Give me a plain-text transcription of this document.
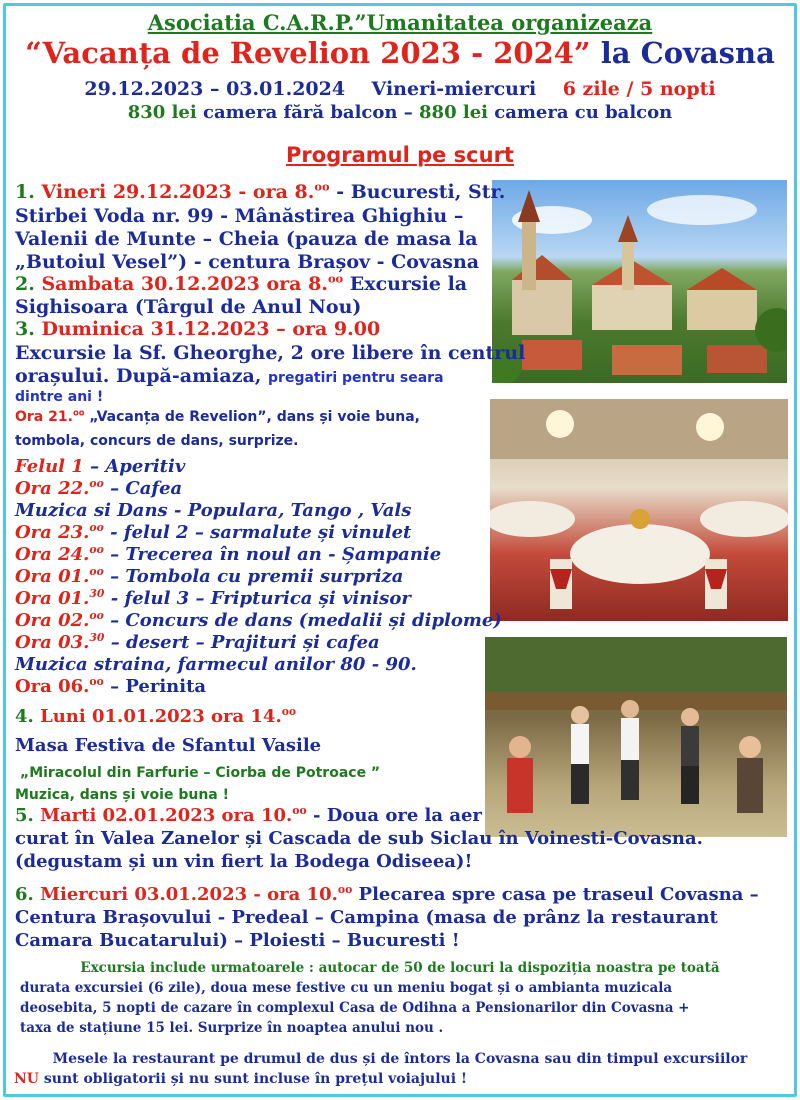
Asociatia C.A.R.P.”Umanitatea organizeaza
“Vacanța de Revelion 2023 - 2024” la Covasna
29.12.2023 – 03.01.2024 Vineri-miercuri 6 zile / 5 nopti
830 lei camera fără balcon – 880 lei camera cu balcon
Programul pe scurt
1. Vineri 29.12.2023 - ora 8.$^{oo}$ - Bucuresti, Str.
Stirbei Voda nr. 99 - Mânăstirea Ghighiu –
Valenii de Munte – Cheia (pauza de masa la
„Butoiul Vesel”) - centura Brașov - Covasna
2. Sambata 30.12.2023 ora 8.$^{oo}$ Excursie la
Sighisoara (Târgul de Anul Nou)
3. Duminica 31.12.2023 – ora 9.00
Excursie la Sf. Gheorghe, 2 ore libere în centrul
orașului. După-amiaza, pregatiri pentru seara
dintre ani !
Ora 21.$^{oo}$ „Vacanța de Revelion”, dans și voie buna,
tombola, concurs de dans, surprize.
Felul 1 – Aperitiv
Ora 22.$^{oo}$ – Cafea
Muzica si Dans - Populara, Tango , Vals
Ora 23.$^{oo}$ - felul 2 – sarmalute și vinulet
Ora 24.$^{oo}$ – Trecerea în noul an - Șampanie
Ora 01.$^{oo}$ – Tombola cu premii surpriza
Ora 01.30 - felul 3 – Fripturica și vinisor
Ora 02.$^{oo}$ – Concurs de dans (medalii și diplome)
Ora 03.30 – desert – Prajituri și cafea
Muzica straina, farmecul anilor 80 - 90.
Ora 06.$^{oo}$ – Perinita
4. Luni 01.01.2023 ora 14.$^{oo}$
Masa Festiva de Sfantul Vasile
„Miracolul din Farfurie – Ciorba de Potroace ”
Muzica, dans și voie buna !
5. Marti 02.01.2023 ora 10.$^{oo}$ - Doua ore la aer
curat în Valea Zanelor și Cascada de sub Siclau în Voinesti-Covasna.
(degustam și un vin fiert la Bodega Odiseea)!
6. Miercuri 03.01.2023 - ora 10.$^{oo}$ Plecarea spre casa pe traseul Covasna –
Centura Brașovului - Predeal – Campina (masa de prânz la restaurant
Camara Bucatarului) – Ploiesti – Bucuresti !
Excursia include urmatoarele : autocar de 50 de locuri la dispoziția noastra pe toată
durata excursiei (6 zile), doua mese festive cu un meniu bogat și o ambianta muzicala
deosebita, 5 nopti de cazare în complexul Casa de Odihna a Pensionarilor din Covasna +
taxa de stațiune 15 lei. Surprize în noaptea anului nou .
Mesele la restaurant pe drumul de dus și de întors la Covasna sau din timpul excursiilor
NU sunt obligatorii și nu sunt incluse în prețul voiajului !
